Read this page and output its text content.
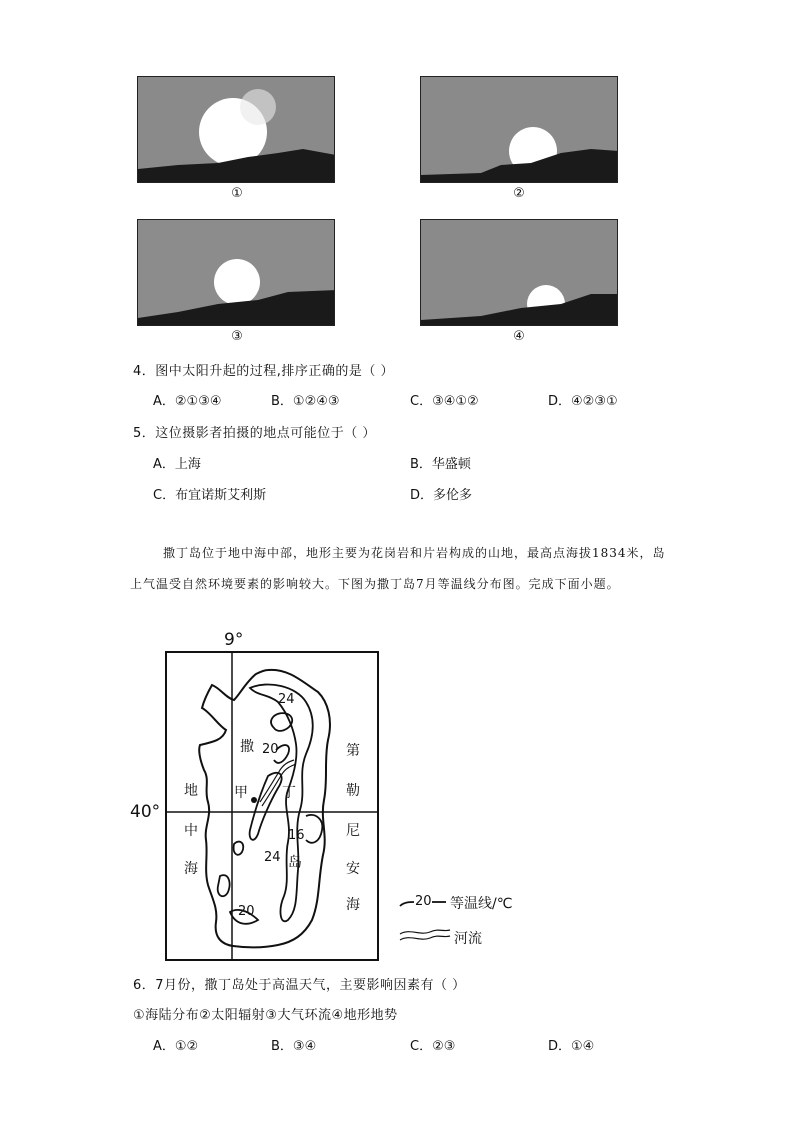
①	②
③	④
4．图中太阳升起的过程,排序正确的是（ ）
A．②①③④	B．①②④③	C．③④①②	D．④②③①
5．这位摄影者拍摄的地点可能位于（ ）
A．上海	B．华盛顿
C．布宜诺斯艾利斯	D．多伦多
撒丁岛位于地中海中部，地形主要为花岗岩和片岩构成的山地，最高点海拔1834米，岛上气温受自然环境要素的影响较大。下图为撒丁岛7月等温线分布图。完成下面小题。
9°
40°
地
中
海
第
勒
尼
安
海
撒
丁
岛
甲
24
20
16
24
20
20 等温线/℃
河流
6．7月份，撒丁岛处于高温天气，主要影响因素有（ ）
①海陆分布②太阳辐射③大气环流④地形地势
A．①②	B．③④	C．②③	D．①④
